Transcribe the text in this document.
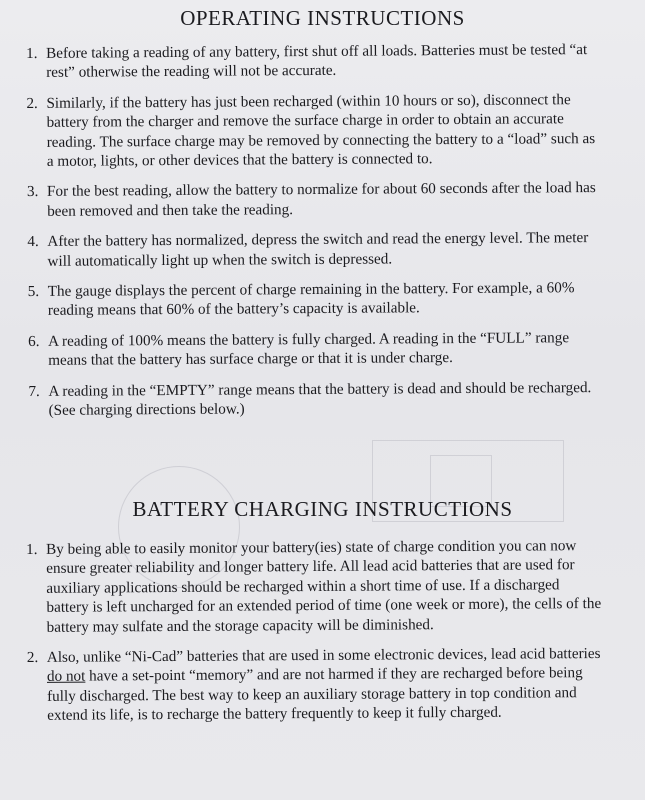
OPERATING INSTRUCTIONS
1. Before taking a reading of any battery, first shut off all loads. Batteries must be tested “at rest” otherwise the reading will not be accurate.
2. Similarly, if the battery has just been recharged (within 10 hours or so), disconnect the battery from the charger and remove the surface charge in order to obtain an accurate reading. The surface charge may be removed by connecting the battery to a “load” such as a motor, lights, or other devices that the battery is connected to.
3. For the best reading, allow the battery to normalize for about 60 seconds after the load has been removed and then take the reading.
4. After the battery has normalized, depress the switch and read the energy level. The meter will automatically light up when the switch is depressed.
5. The gauge displays the percent of charge remaining in the battery. For example, a 60% reading means that 60% of the battery’s capacity is available.
6. A reading of 100% means the battery is fully charged. A reading in the “FULL” range means that the battery has surface charge or that it is under charge.
7. A reading in the “EMPTY” range means that the battery is dead and should be recharged. (See charging directions below.)
BATTERY CHARGING INSTRUCTIONS
1. By being able to easily monitor your battery(ies) state of charge condition you can now ensure greater reliability and longer battery life. All lead acid batteries that are used for auxiliary applications should be recharged within a short time of use. If a discharged battery is left uncharged for an extended period of time (one week or more), the cells of the battery may sulfate and the storage capacity will be diminished.
2. Also, unlike “Ni-Cad” batteries that are used in some electronic devices, lead acid batteries do not have a set-point “memory” and are not harmed if they are recharged before being fully discharged. The best way to keep an auxiliary storage battery in top condition and extend its life, is to recharge the battery frequently to keep it fully charged.
